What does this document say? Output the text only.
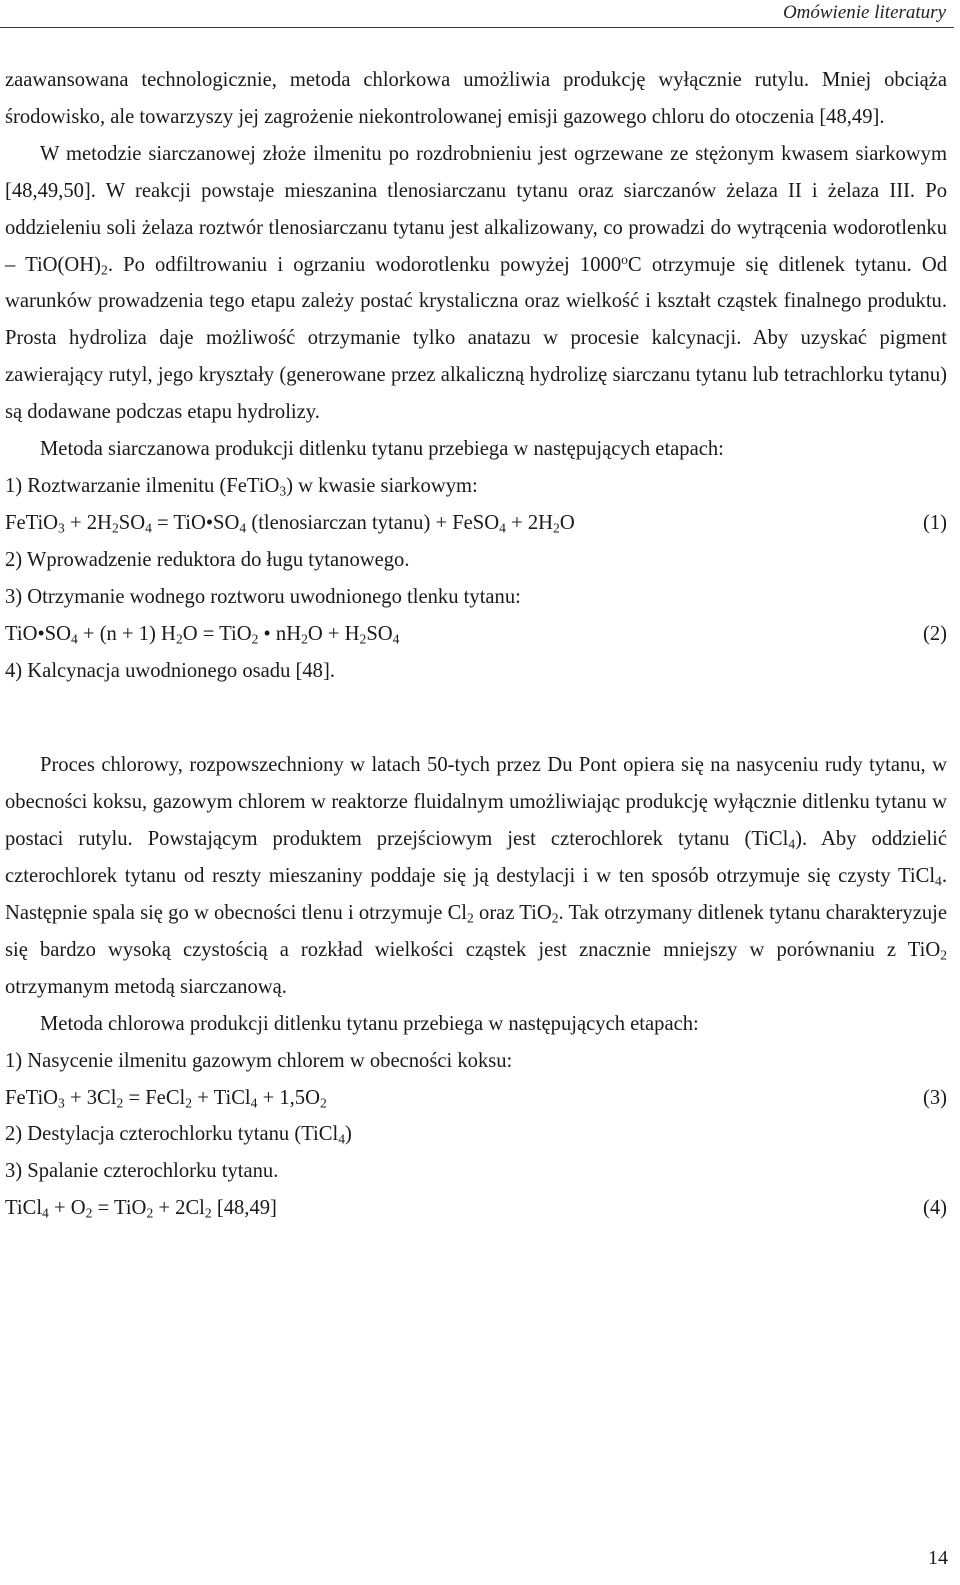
Omówienie literatury

zaawansowana technologicznie, metoda chlorkowa umożliwia produkcję wyłącznie rutylu. Mniej obciąża środowisko, ale towarzyszy jej zagrożenie niekontrolowanej emisji gazowego chloru do otoczenia [48,49].

W metodzie siarczanowej złoże ilmenitu po rozdrobnieniu jest ogrzewane ze stężonym kwasem siarkowym [48,49,50]. W reakcji powstaje mieszanina tlenosiarczanu tytanu oraz siarczanów żelaza II i żelaza III. Po oddzieleniu soli żelaza roztwór tlenosiarczanu tytanu jest alkalizowany, co prowadzi do wytrącenia wodorotlenku – $TiO(OH)_2$. Po odfiltrowaniu i ogrzaniu wodorotlenku powyżej 1000$^o$C otrzymuje się ditlenek tytanu. Od warunków prowadzenia tego etapu zależy postać krystaliczna oraz wielkość i kształt cząstek finalnego produktu. Prosta hydroliza daje możliwość otrzymanie tylko anatazu w procesie kalcynacji. Aby uzyskać pigment zawierający rutyl, jego kryształy (generowane przez alkaliczną hydrolizę siarczanu tytanu lub tetrachlorku tytanu) są dodawane podczas etapu hydrolizy.

Metoda siarczanowa produkcji ditlenku tytanu przebiega w następujących etapach:

1) Roztwarzanie ilmenitu (FeTiO$_3$) w kwasie siarkowym:

FeTiO$_3$ + $2H_2SO_4$ = $TiO•SO_4$ (tlenosiarczan tytanu) + FeSO$_4$ + $2H_2O$	(1)

2) Wprowadzenie reduktora do ługu tytanowego.

3) Otrzymanie wodnego roztworu uwodnionego tlenku tytanu:

$TiO•SO_4 + (n + 1) H_2O = TiO_2$ • $nH_2O + H_2SO_4$	(2)

4) Kalcynacja uwodnionego osadu [48].

Proces chlorowy, rozpowszechniony w latach 50-tych przez Du Pont opiera się na nasyceniu rudy tytanu, w obecności koksu, gazowym chlorem w reaktorze fluidalnym umożliwiając produkcję wyłącznie ditlenku tytanu w postaci rutylu. Powstającym produktem przejściowym jest czterochlorek tytanu (TiCl$_4$). Aby oddzielić czterochlorek tytanu od reszty mieszaniny poddaje się ją destylacji i w ten sposób otrzymuje się czysty TiCl$_4$. Następnie spala się go w obecności tlenu i otrzymuje $Cl_2$ oraz TiO$_2$. Tak otrzymany ditlenek tytanu charakteryzuje się bardzo wysoką czystością a rozkład wielkości cząstek jest znacznie mniejszy w porównaniu z TiO$_2$ otrzymanym metodą siarczanową.

Metoda chlorowa produkcji ditlenku tytanu przebiega w następujących etapach:

1) Nasycenie ilmenitu gazowym chlorem w obecności koksu:

FeTiO$_3$ + $3Cl_2$ = FeCl$_2$ + TiCl$_4$ + $1,5O_2$	(3)

2) Destylacja czterochlorku tytanu (TiCl$_4$)

3) Spalanie czterochlorku tytanu.

TiCl$_4$ + $O_2 = TiO_2 + 2Cl_2$ [48,49]	(4)

14
